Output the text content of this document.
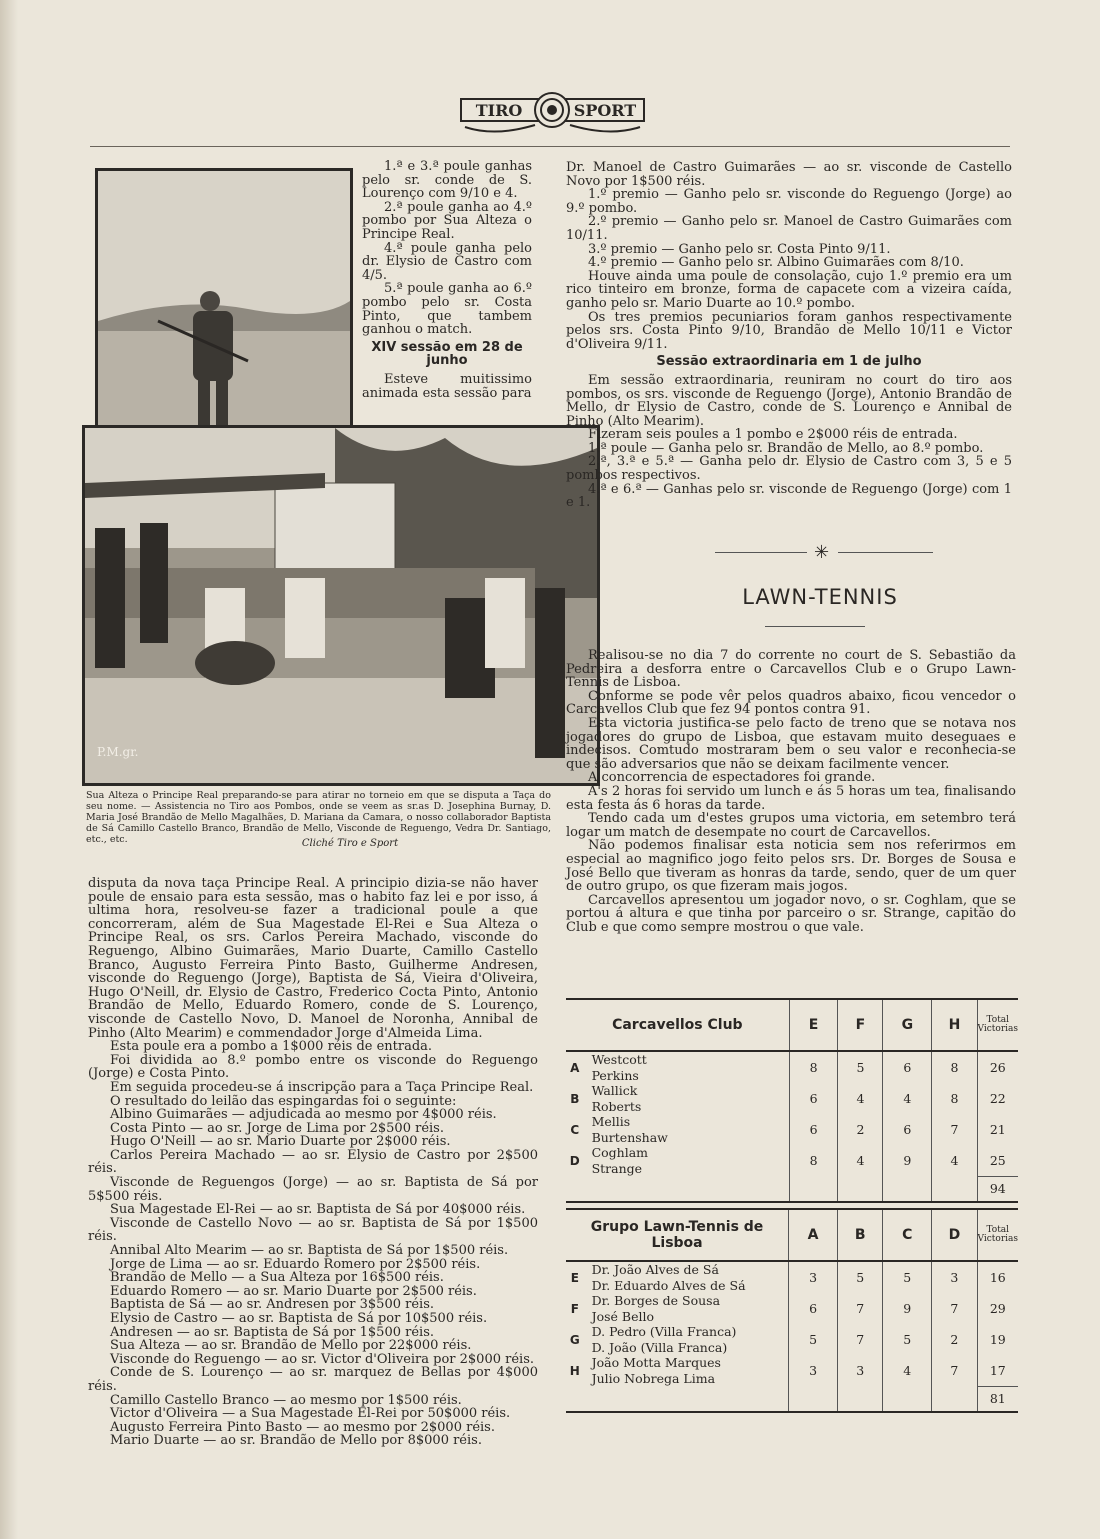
TIRO	SPORT
P.M.gr.
Sua Alteza o Principe Real preparando-se para atirar no torneio em que se disputa a Taça do seu nome. — Assistencia no Tiro aos Pombos, onde se veem as sr.as D. Josephina Burnay, D. Maria José Brandão de Mello Magalhães, D. Mariana da Camara, o nosso collaborador Baptista de Sá Camillo Castello Branco, Brandão de Mello, Visconde de Reguengo, Vedra Dr. Santiago, etc., etc.	Cliché Tiro e Sport

1.ª e 3.ª poule ganhas pelo sr. conde de S. Lourenço com 9/10 e 4.

2.ª poule ganha ao 4.º pombo por Sua Alteza o Principe Real.

4.ª poule ganha pelo dr. Elysio de Castro com 4/5.

5.ª poule ganha ao 6.º pombo pelo sr. Costa Pinto, que tambem ganhou o match.

XIV sessão em 28 de junho

Esteve muitissimo animada esta sessão para

Dr. Manoel de Castro Guimarães — ao sr. visconde de Castello Novo por 1$500 réis.

1.º premio — Ganho pelo sr. visconde do Reguengo (Jorge) ao 9.º pombo.

2.º premio — Ganho pelo sr. Manoel de Castro Guimarães com 10/11.

3.º premio — Ganho pelo sr. Costa Pinto 9/11.

4.º premio — Ganho pelo sr. Albino Guimarães com 8/10.

Houve ainda uma poule de consolação, cujo 1.º premio era um rico tinteiro em bronze, forma de capacete com a vizeira caída, ganho pelo sr. Mario Duarte ao 10.º pombo.

Os tres premios pecuniarios foram ganhos respectivamente pelos srs. Costa Pinto 9/10, Brandão de Mello 10/11 e Victor d'Oliveira 9/11.

Sessão extraordinaria em 1 de julho

Em sessão extraordinaria, reuniram no court do tiro aos pombos, os srs. visconde de Reguengo (Jorge), Antonio Brandão de Mello, dr Elysio de Castro, conde de S. Lourenço e Annibal de Pinho (Alto Mearim).

Fizeram seis poules a 1 pombo e 2$000 réis de entrada.

1.ª poule — Ganha pelo sr. Brandão de Mello, ao 8.º pombo.

2.ª, 3.ª e 5.ª — Ganha pelo dr. Elysio de Castro com 3, 5 e 5 pombos respectivos.

4.ª e 6.ª — Ganhas pelo sr. visconde de Reguengo (Jorge) com 1 e 1.

✳
LAWN-TENNIS

Realisou-se no dia 7 do corrente no court de S. Sebastião da Pedreira a desforra entre o Carcavellos Club e o Grupo Lawn-Tennis de Lisboa.

Conforme se pode vêr pelos quadros abaixo, ficou vencedor o Carcavellos Club que fez 94 pontos contra 91.

Esta victoria justifica-se pelo facto de treno que se notava nos jogadores do grupo de Lisboa, que estavam muito deseguaes e indecisos. Comtudo mostraram bem o seu valor e reconhecia-se que são adversarios que não se deixam facilmente vencer.

A concorrencia de espectadores foi grande.

A's 2 horas foi servido um lunch e ás 5 horas um tea, finalisando esta festa ás 6 horas da tarde.

Tendo cada um d'estes grupos uma victoria, em setembro terá logar um match de desempate no court de Carcavellos.

Não podemos finalisar esta noticia sem nos referirmos em especial ao magnifico jogo feito pelos srs. Dr. Borges de Sousa e José Bello que tiveram as honras da tarde, sendo, quer de um quer de outro grupo, os que fizeram mais jogos.

Carcavellos apresentou um jogador novo, o sr. Coghlam, que se portou á altura e que tinha por parceiro o sr. Strange, capitão do Club e que como sempre mostrou o que vale.

disputa da nova taça Principe Real. A principio dizia-se não haver poule de ensaio para esta sessão, mas o habito faz lei e por isso, á ultima hora, resolveu-se fazer a tradicional poule a que concorreram, além de Sua Magestade El-Rei e Sua Alteza o Principe Real, os srs. Carlos Pereira Machado, visconde do Reguengo, Albino Guimarães, Mario Duarte, Camillo Castello Branco, Augusto Ferreira Pinto Basto, Guilherme Andresen, visconde do Reguengo (Jorge), Baptista de Sá, Vieira d'Oliveira, Hugo O'Neill, dr. Elysio de Castro, Frederico Cocta Pinto, Antonio Brandão de Mello, Eduardo Romero, conde de S. Lourenço, visconde de Castello Novo, D. Manoel de Noronha, Annibal de Pinho (Alto Mearim) e commendador Jorge d'Almeida Lima.

Esta poule era a pombo a 1$000 réis de entrada.

Foi dividida ao 8.º pombo entre os visconde do Reguengo (Jorge) e Costa Pinto.

Em seguida procedeu-se á inscripção para a Taça Principe Real.

O resultado do leilão das espingardas foi o seguinte:

Albino Guimarães — adjudicada ao mesmo por 4$000 réis.

Costa Pinto — ao sr. Jorge de Lima por 2$500 réis.

Hugo O'Neill — ao sr. Mario Duarte por 2$000 réis.

Carlos Pereira Machado — ao sr. Elysio de Castro por 2$500 réis.

Visconde de Reguengos (Jorge) — ao sr. Baptista de Sá por 5$500 réis.

Sua Magestade El-Rei — ao sr. Baptista de Sá por 40$000 réis.

Visconde de Castello Novo — ao sr. Baptista de Sá por 1$500 réis.

Annibal Alto Mearim — ao sr. Baptista de Sá por 1$500 réis.

Jorge de Lima — ao sr. Eduardo Romero por 2$500 réis.

Brandão de Mello — a Sua Alteza por 16$500 réis.

Eduardo Romero — ao sr. Mario Duarte por 2$500 réis.

Baptista de Sá — ao sr. Andresen por 3$500 réis.

Elysio de Castro — ao sr. Baptista de Sá por 10$500 réis.

Andresen — ao sr. Baptista de Sá por 1$500 réis.

Sua Alteza — ao sr. Brandão de Mello por 22$000 réis.

Visconde do Reguengo — ao sr. Victor d'Oliveira por 2$000 réis.

Conde de S. Lourenço — ao sr. marquez de Bellas por 4$000 réis.

Camillo Castello Branco — ao mesmo por 1$500 réis.

Victor d'Oliveira — a Sua Magestade El-Rei por 50$000 réis.

Augusto Ferreira Pinto Basto — ao mesmo por 2$000 réis.

Mario Duarte — ao sr. Brandão de Mello por 8$000 réis.

Carcavellos Club		E	F	G	H	Total Victorias
A	Westcott
Perkins	8	5	6	8	26
B	Wallick
Roberts	6	4	4	8	22
C	Mellis
Burtenshaw	6	2	6	7	21
D	Coghlam
Strange	8	4	9	4	25
						94
Grupo Lawn-Tennis de Lisboa		A	B	C	D	Total Victorias
E	Dr. João Alves de Sá
Dr. Eduardo Alves de Sá	3	5	5	3	16
F	Dr. Borges de Sousa
José Bello	6	7	9	7	29
G	D. Pedro (Villa Franca)
D. João (Villa Franca)	5	7	5	2	19
H	João Motta Marques
Julio Nobrega Lima	3	3	4	7	17
						81
